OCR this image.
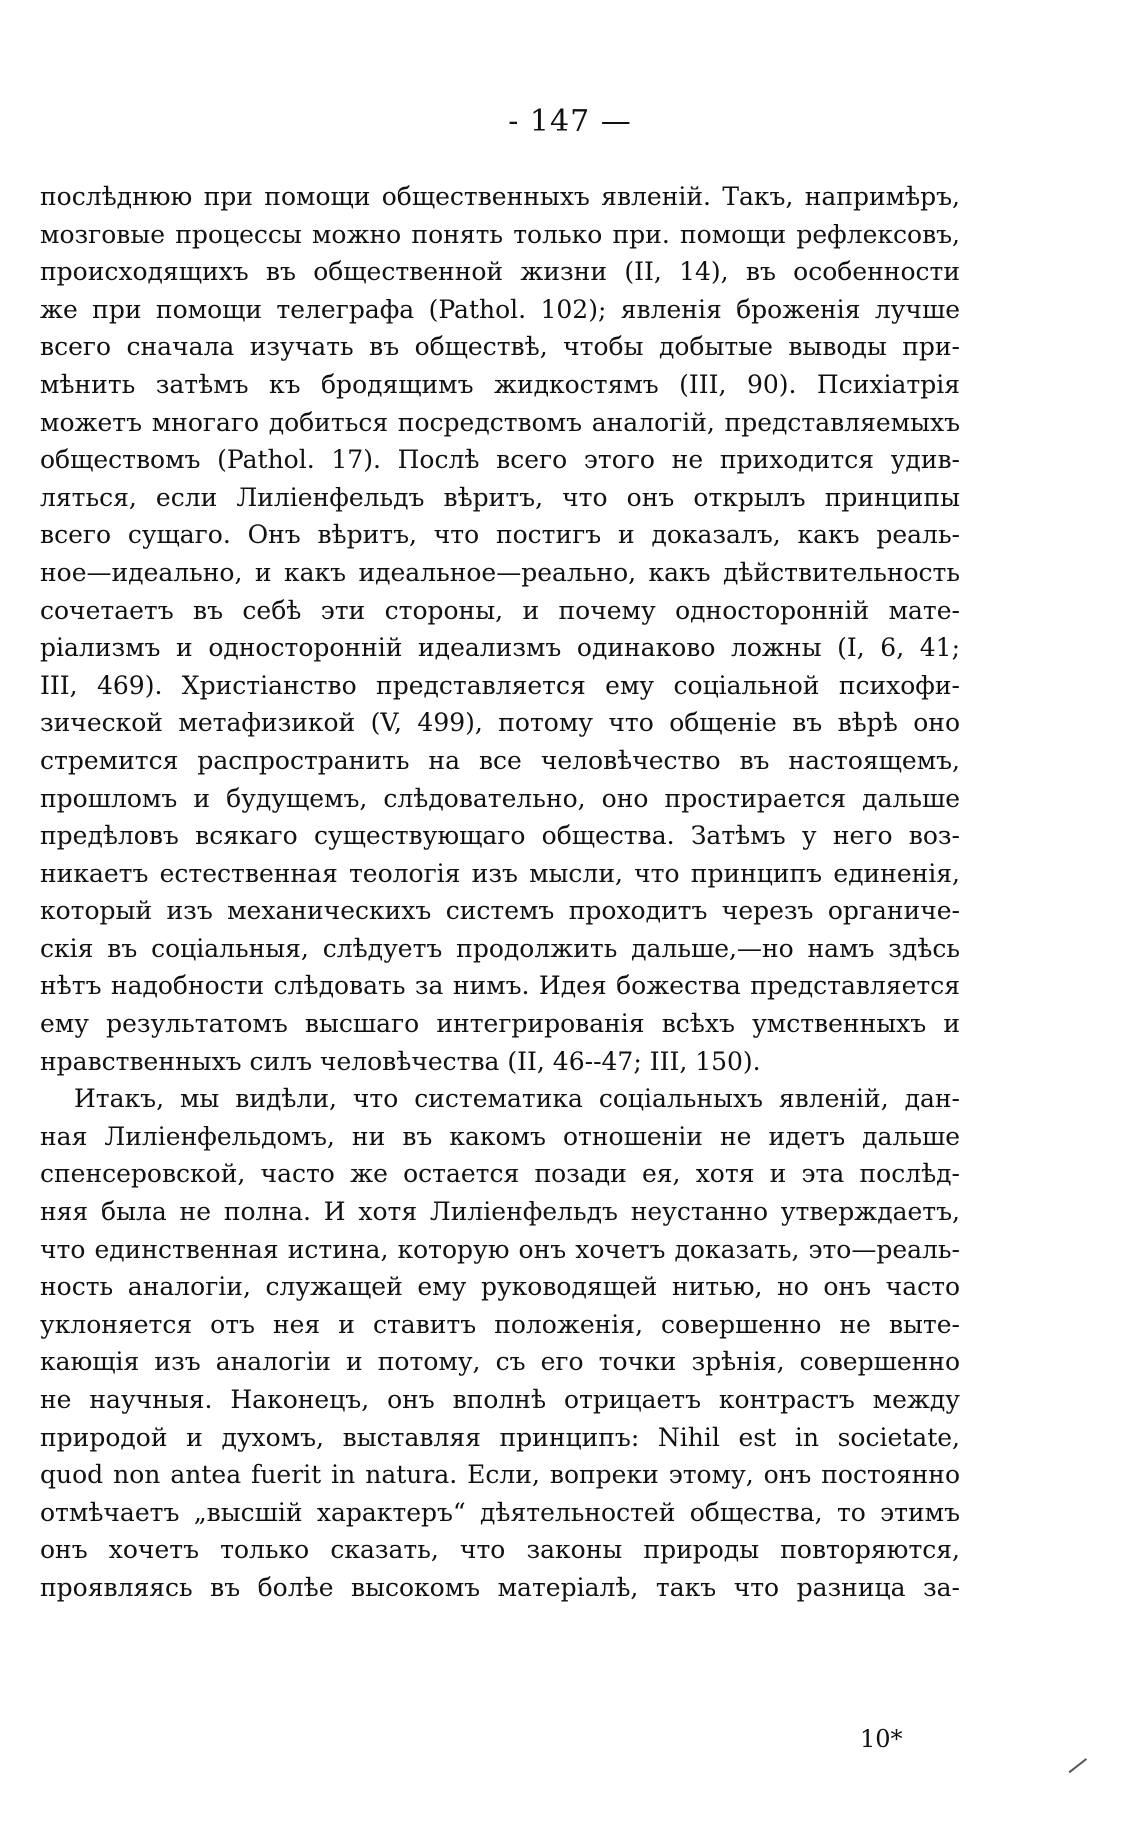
- 147 —
послѣднюю при помощи общественныхъ явленій. Такъ, напримѣръ,
мозговые процессы можно понять только при. помощи рефлексовъ,
происходящихъ въ общественной жизни (II, 14), въ особенности
же при помощи телеграфа (Pathol. 102); явленія броженія лучше
всего сначала изучать въ обществѣ, чтобы добытые выводы при-
мѣнить затѣмъ къ бродящимъ жидкостямъ (III, 90). Психіатрія
можетъ многаго добиться посредствомъ аналогій, представляемыхъ
обществомъ (Pathol. 17). Послѣ всего этого не приходится удив-
ляться, если Лиліенфельдъ вѣритъ, что онъ открылъ принципы
всего сущаго. Онъ вѣритъ, что постигъ и доказалъ, какъ реаль-
ное—идеально, и какъ идеальное—реально, какъ дѣйствительность
сочетаетъ въ себѣ эти стороны, и почему односторонній мате-
ріализмъ и односторонній идеализмъ одинаково ложны (I, 6, 41;
III, 469). Христіанство представляется ему соціальной психофи-
зической метафизикой (V, 499), потому что общеніе въ вѣрѣ оно
стремится распространить на все человѣчество въ настоящемъ,
прошломъ и будущемъ, слѣдовательно, оно простирается дальше
предѣловъ всякаго существующаго общества. Затѣмъ у него воз-
никаетъ естественная теологія изъ мысли, что принципъ единенія,
который изъ механическихъ системъ проходитъ черезъ органиче-
скія въ соціальныя, слѣдуетъ продолжить дальше,—но намъ здѣсь
нѣтъ надобности слѣдовать за нимъ. Идея божества представляется
ему результатомъ высшаго интегрированія всѣхъ умственныхъ и
нравственныхъ силъ человѣчества (II, 46--47; III, 150).
Итакъ, мы видѣли, что систематика соціальныхъ явленій, дан-
ная Лиліенфельдомъ, ни въ какомъ отношеніи не идетъ дальше
спенсеровской, часто же остается позади ея, хотя и эта послѣд-
няя была не полна. И хотя Лиліенфельдъ неустанно утверждаетъ,
что единственная истина, которую онъ хочетъ доказать, это—реаль-
ность аналогіи, служащей ему руководящей нитью, но онъ часто
уклоняется отъ нея и ставитъ положенія, совершенно не выте-
кающія изъ аналогіи и потому, съ его точки зрѣнія, совершенно
не научныя. Наконецъ, онъ вполнѣ отрицаетъ контрастъ между
природой и духомъ, выставляя принципъ: Nihil est in societate,
quod non antea fuerit in natura. Если, вопреки этому, онъ постоянно
отмѣчаетъ „высшій характеръ“ дѣятельностей общества, то этимъ
онъ хочетъ только сказать, что законы природы повторяются,
проявляясь въ болѣе высокомъ матеріалѣ, такъ что разница за-
10*
